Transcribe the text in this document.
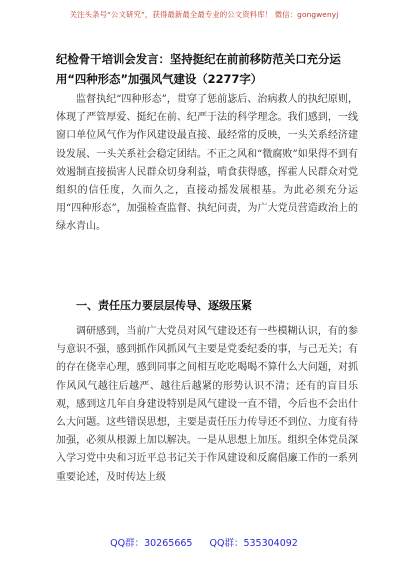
关注头条号“公文研究”，获得最新最全最专业的公文资料库！ 微信：gongwenyj
纪检骨干培训会发言：坚持挺纪在前前移防范关口充分运用“四种形态”加强风气建设（2277字）
监督执纪“四种形态”，贯穿了惩前毖后、治病救人的执纪原则，体现了严管厚爱、挺纪在前、纪严于法的科学理念。我们感到，一线窗口单位风气作为作风建设最直接、最经常的反映，一头关系经济建设发展、一头关系社会稳定团结。不正之风和“微腐败”如果得不到有效遏制直接损害人民群众切身利益，啃食获得感，挥霍人民群众对党组织的信任度，久而久之，直接动摇发展根基。为此必须充分运用“四种形态”，加强检查监督、执纪问责，为广大党员营造政治上的绿水青山。
一、责任压力要层层传导、逐级压紧
调研感到，当前广大党员对风气建设还有一些模糊认识，有的参与意识不强，感到抓作风抓风气主要是党委纪委的事，与己无关；有的存在侥幸心理，感到同事之间相互吃吃喝喝不算什么大问题，对抓作风风气越往后越严、越往后越紧的形势认识不清；还有的盲目乐观，感到这几年自身建设特别是风气建设一直不错，今后也不会出什么大问题。这些错误思想，主要是责任压力传导还不到位、力度有待加强，必须从根源上加以解决。一是从思想上加压。组织全体党员深入学习党中央和习近平总书记关于作风建设和反腐倡廉工作的一系列重要论述，及时传达上级
QQ群：30265665 QQ群：535304092
